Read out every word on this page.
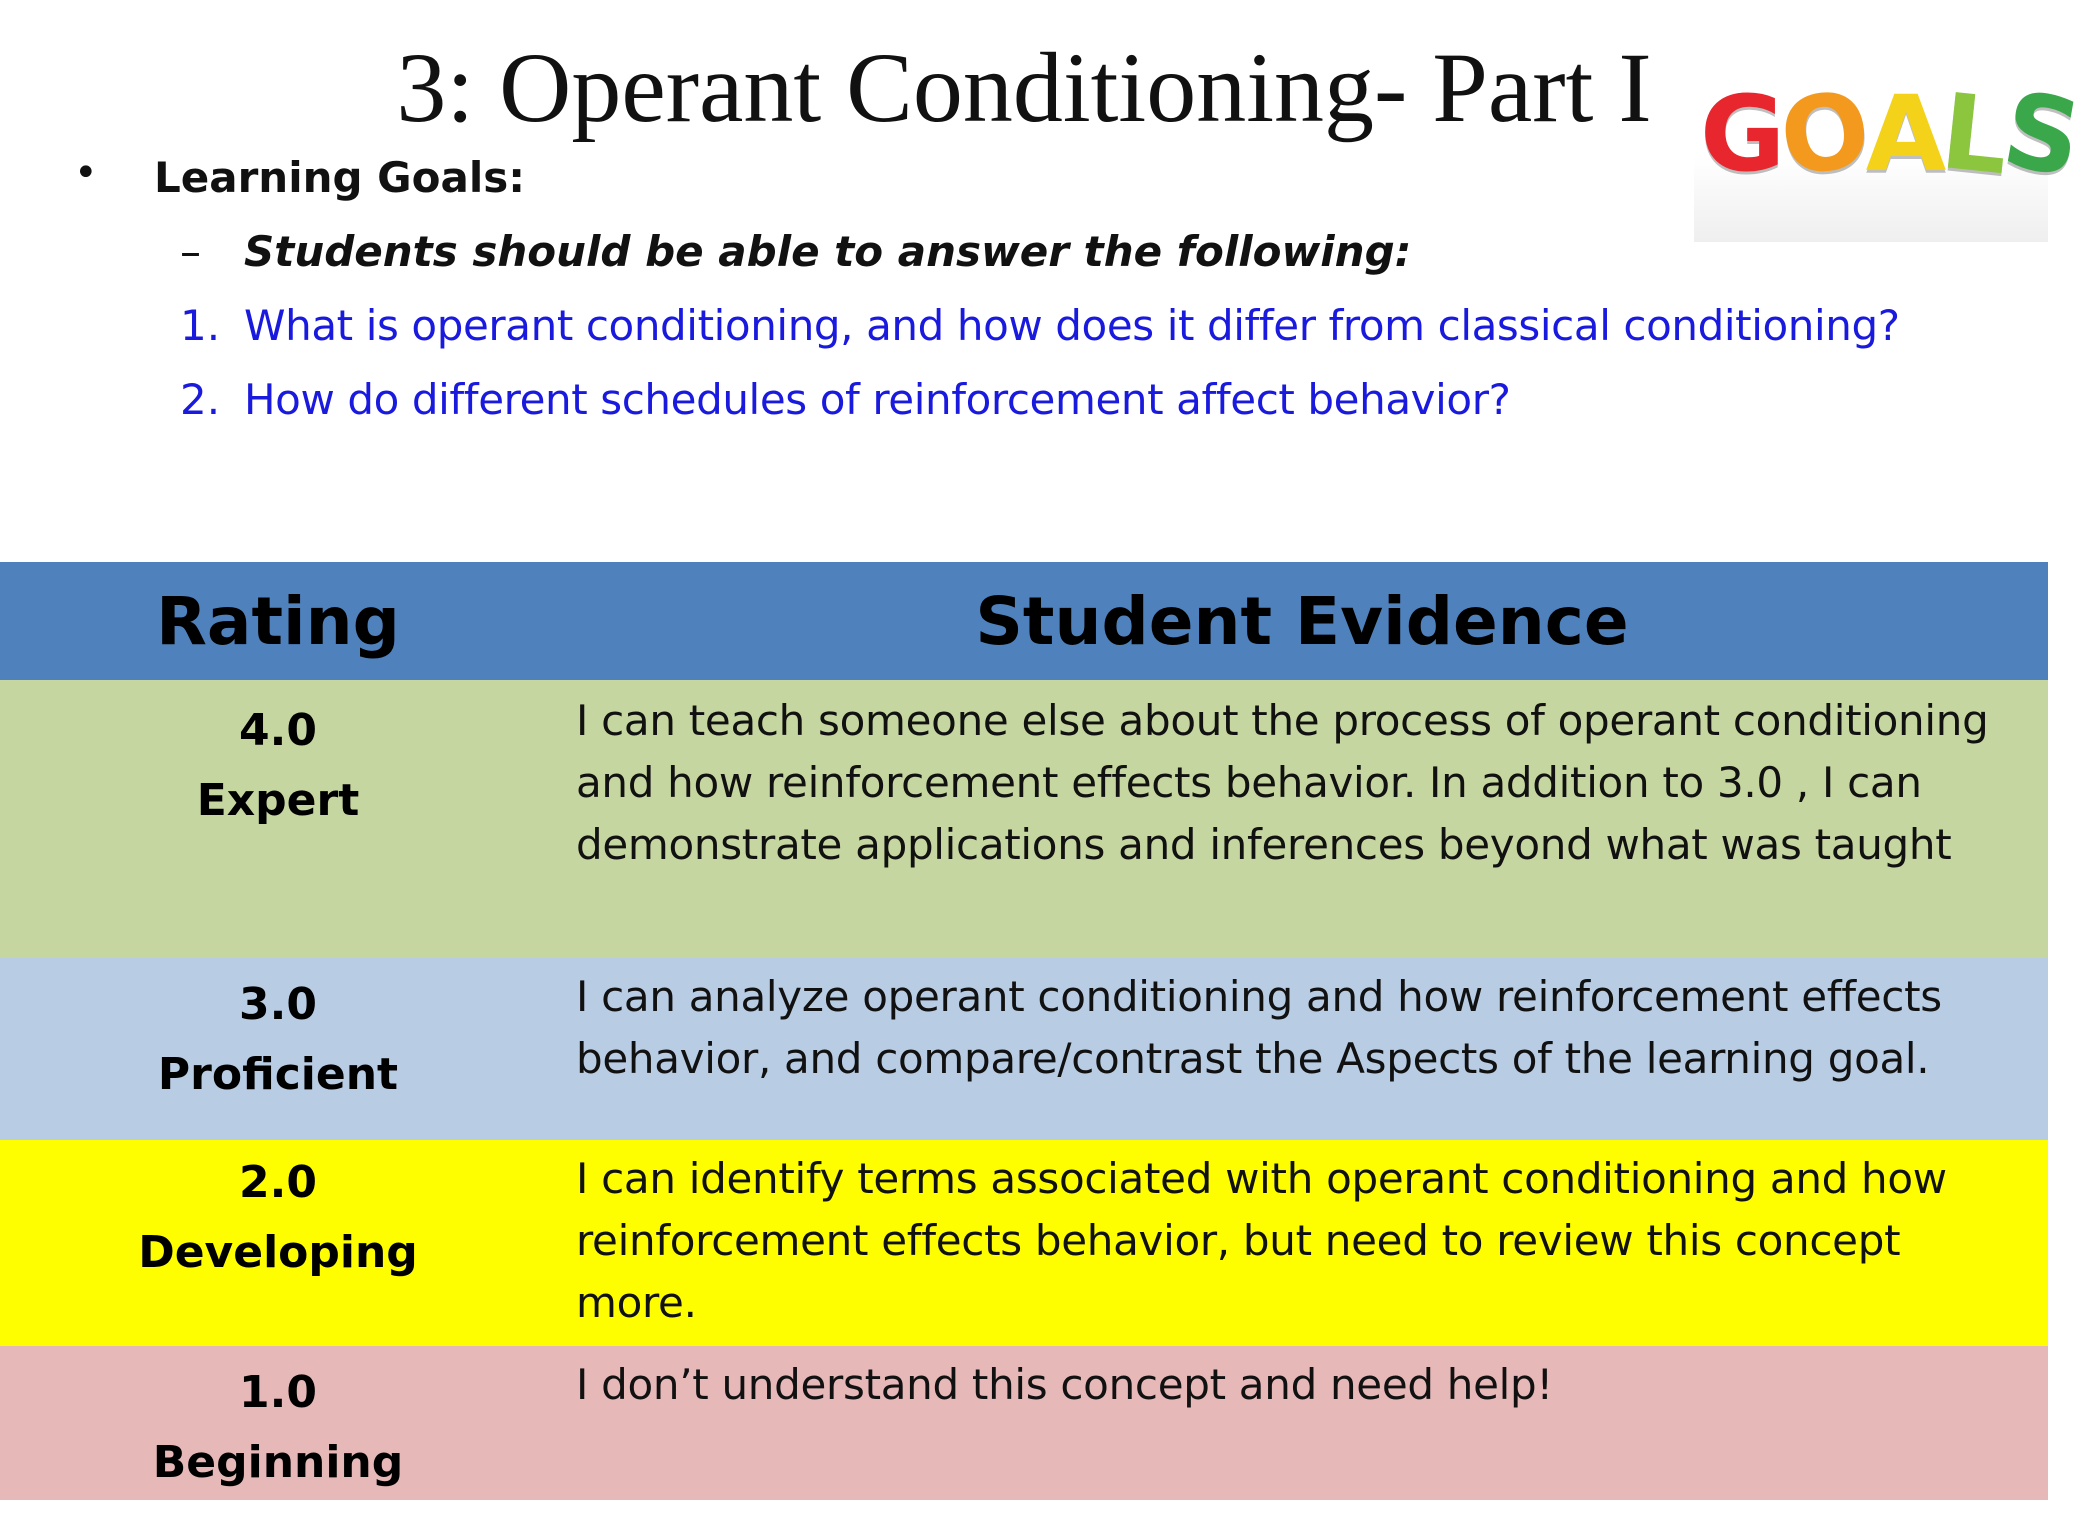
3: Operant Conditioning- Part I GOALS
• Learning Goals:
– Students should be able to answer the following:
1. What is operant conditioning, and how does it differ from classical conditioning?
2. How do different schedules of reinforcement affect behavior?
Rating	Student Evidence
4.0
Expert
I can teach someone else about the process of operant conditioning and how reinforcement effects behavior. In addition to 3.0 , I can demonstrate applications and inferences beyond what was taught
3.0
Proficient
I can analyze operant conditioning and how reinforcement effects behavior, and compare/contrast the Aspects of the learning goal.
2.0
Developing
I can identify terms associated with operant conditioning and how reinforcement effects behavior, but need to review this concept more.
1.0
Beginning
I don’t understand this concept and need help!
